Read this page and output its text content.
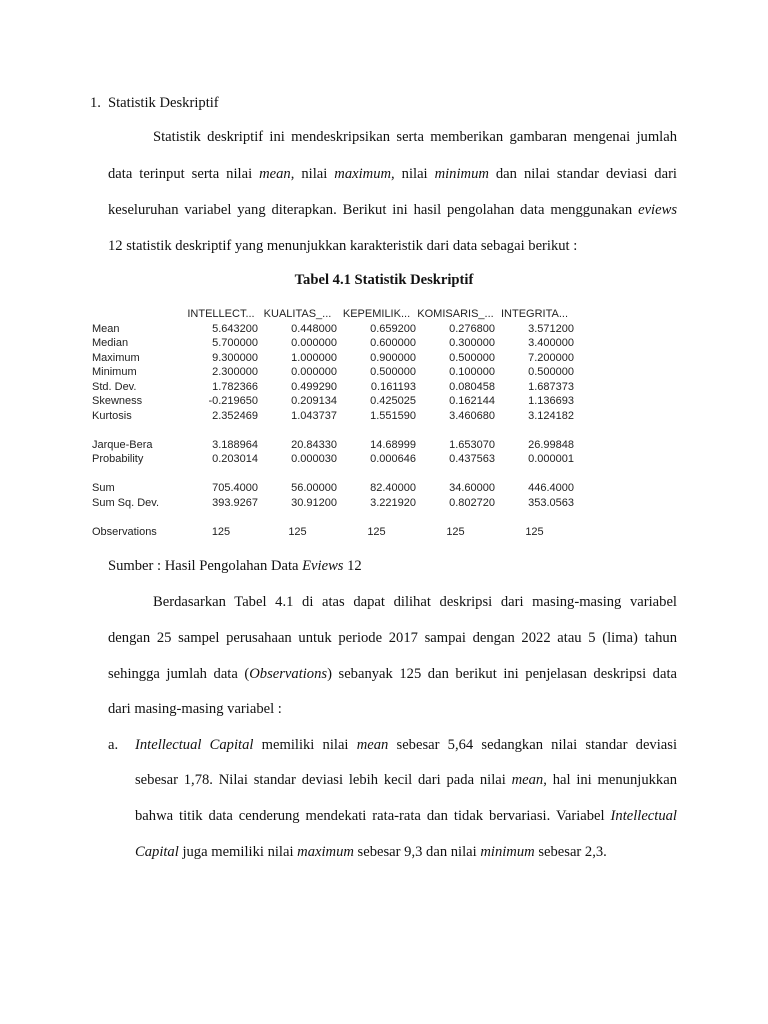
1. Statistik Deskriptif
Statistik deskriptif ini mendeskripsikan serta memberikan gambaran mengenai jumlah
data terinput serta nilai mean, nilai maximum, nilai minimum dan nilai standar deviasi dari
keseluruhan variabel yang diterapkan. Berikut ini hasil pengolahan data menggunakan eviews
12 statistik deskriptif yang menunjukkan karakteristik dari data sebagai berikut :
Tabel 4.1 Statistik Deskriptif
	INTELLECT...	KUALITAS_...	KEPEMILIK...	KOMISARIS_...	INTEGRITA...
Mean	5.643200	0.448000	0.659200	0.276800	3.571200
Median	5.700000	0.000000	0.600000	0.300000	3.400000
Maximum	9.300000	1.000000	0.900000	0.500000	7.200000
Minimum	2.300000	0.000000	0.500000	0.100000	0.500000
Std. Dev.	1.782366	0.499290	0.161193	0.080458	1.687373
Skewness	-0.219650	0.209134	0.425025	0.162144	1.136693
Kurtosis	2.352469	1.043737	1.551590	3.460680	3.124182

Jarque-Bera	3.188964	20.84330	14.68999	1.653070	26.99848
Probability	0.203014	0.000030	0.000646	0.437563	0.000001

Sum	705.4000	56.00000	82.40000	34.60000	446.4000
Sum Sq. Dev.	393.9267	30.91200	3.221920	0.802720	353.0563

Observations	125	125	125	125	125
Sumber : Hasil Pengolahan Data Eviews 12
Berdasarkan Tabel 4.1 di atas dapat dilihat deskripsi dari masing-masing variabel
dengan 25 sampel perusahaan untuk periode 2017 sampai dengan 2022 atau 5 (lima) tahun
sehingga jumlah data (Observations) sebanyak 125 dan berikut ini penjelasan deskripsi data
dari masing-masing variabel :
a. Intellectual Capital memiliki nilai mean sebesar 5,64 sedangkan nilai standar deviasi
sebesar 1,78. Nilai standar deviasi lebih kecil dari pada nilai mean, hal ini menunjukkan
bahwa titik data cenderung mendekati rata-rata dan tidak bervariasi. Variabel Intellectual
Capital juga memiliki nilai maximum sebesar 9,3 dan nilai minimum sebesar 2,3.
